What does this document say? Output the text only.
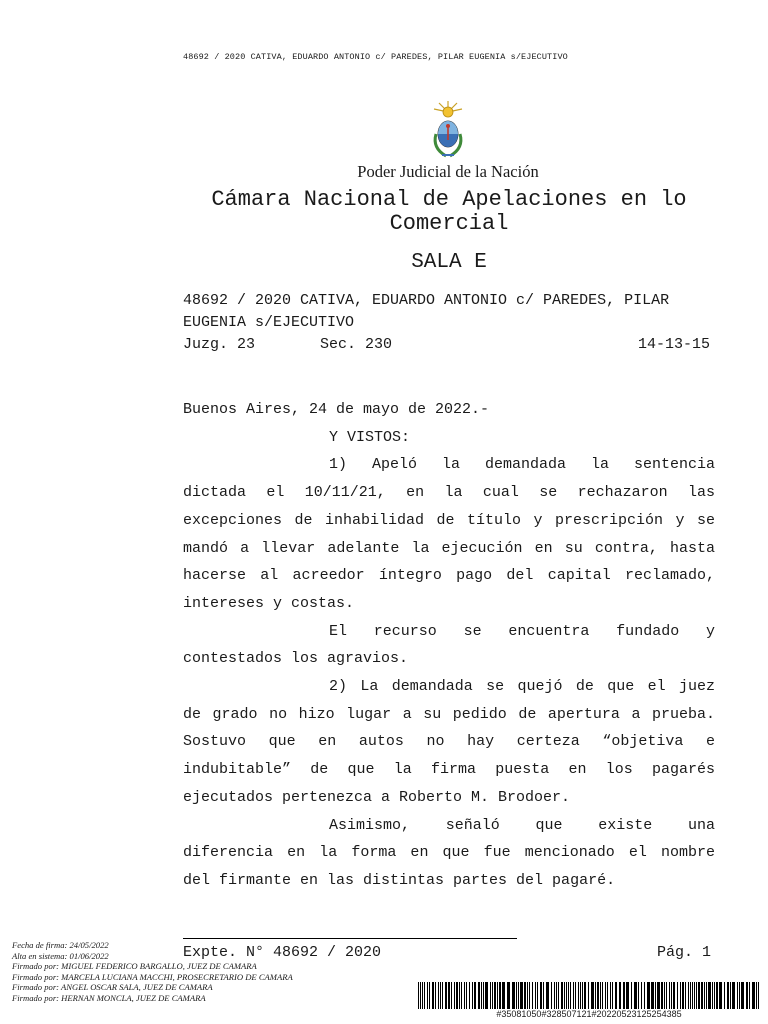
48692 / 2020 CATIVA, EDUARDO ANTONIO c/ PAREDES, PILAR EUGENIA s/EJECUTIVO
Poder Judicial de la Nación
Cámara Nacional de Apelaciones en lo Comercial
SALA E
48692 / 2020 CATIVA, EDUARDO ANTONIO c/ PAREDES, PILAR
EUGENIA s/EJECUTIVO
Juzg. 23	Sec. 230	14-13-15
Buenos Aires, 24 de mayo de 2022.-
Y VISTOS:
1) Apeló la demandada la sentencia
dictada el 10/11/21, en la cual se rechazaron las
excepciones de inhabilidad de título y prescripción y se
mandó a llevar adelante la ejecución en su contra, hasta
hacerse al acreedor íntegro pago del capital reclamado,
intereses y costas.
El recurso se encuentra fundado y
contestados los agravios.
2) La demandada se quejó de que el juez
de grado no hizo lugar a su pedido de apertura a prueba.
Sostuvo que en autos no hay certeza “objetiva e
indubitable” de que la firma puesta en los pagarés
ejecutados pertenezca a Roberto M. Brodoer.
Asimismo, señaló que existe una
diferencia en la forma en que fue mencionado el nombre
del firmante en las distintas partes del pagaré.
Expte. N° 48692 / 2020	Pág. 1
Fecha de firma: 24/05/2022
Alta en sistema: 01/06/2022
Firmado por: MIGUEL FEDERICO BARGALLO, JUEZ DE CAMARA
Firmado por: MARCELA LUCIANA MACCHI, PROSECRETARIO DE CAMARA
Firmado por: ANGEL OSCAR SALA, JUEZ DE CAMARA
Firmado por: HERNAN MONCLA, JUEZ DE CAMARA
#35081050#328507121#20220523125254385
